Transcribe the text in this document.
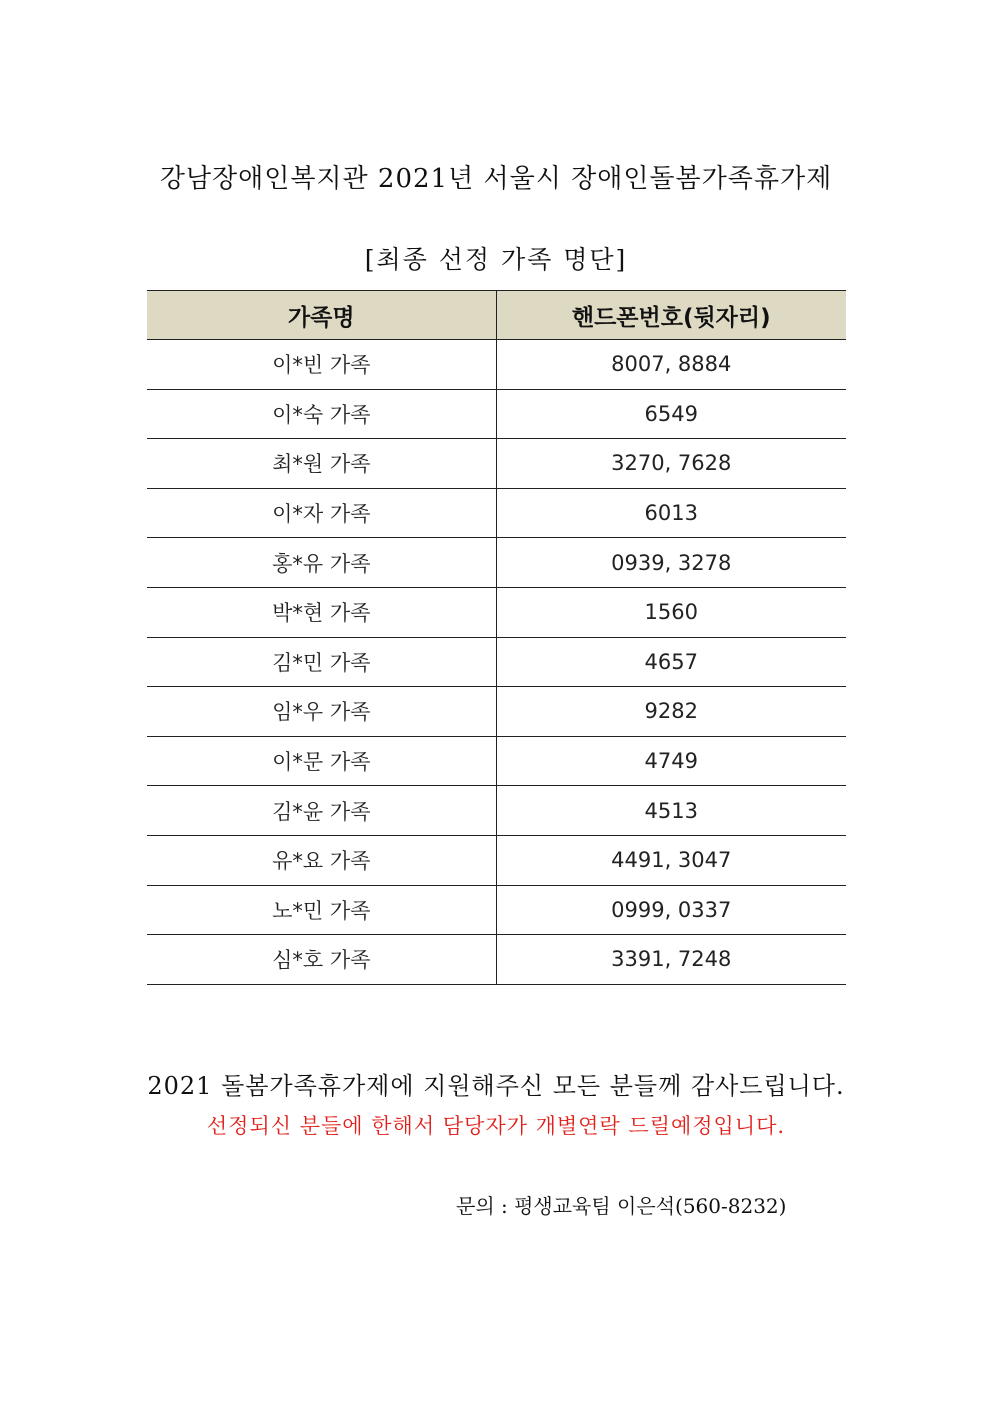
강남장애인복지관 2021년 서울시 장애인돌봄가족휴가제
[최종 선정 가족 명단]
가족명	핸드폰번호(뒷자리)
이*빈 가족	8007, 8884
이*숙 가족	6549
최*원 가족	3270, 7628
이*자 가족	6013
홍*유 가족	0939, 3278
박*현 가족	1560
김*민 가족	4657
임*우 가족	9282
이*문 가족	4749
김*윤 가족	4513
유*요 가족	4491, 3047
노*민 가족	0999, 0337
심*호 가족	3391, 7248
2021 돌봄가족휴가제에 지원해주신 모든 분들께 감사드립니다.
선정되신 분들에 한해서 담당자가 개별연락 드릴예정입니다.
문의 : 평생교육팀 이은석(560-8232)
